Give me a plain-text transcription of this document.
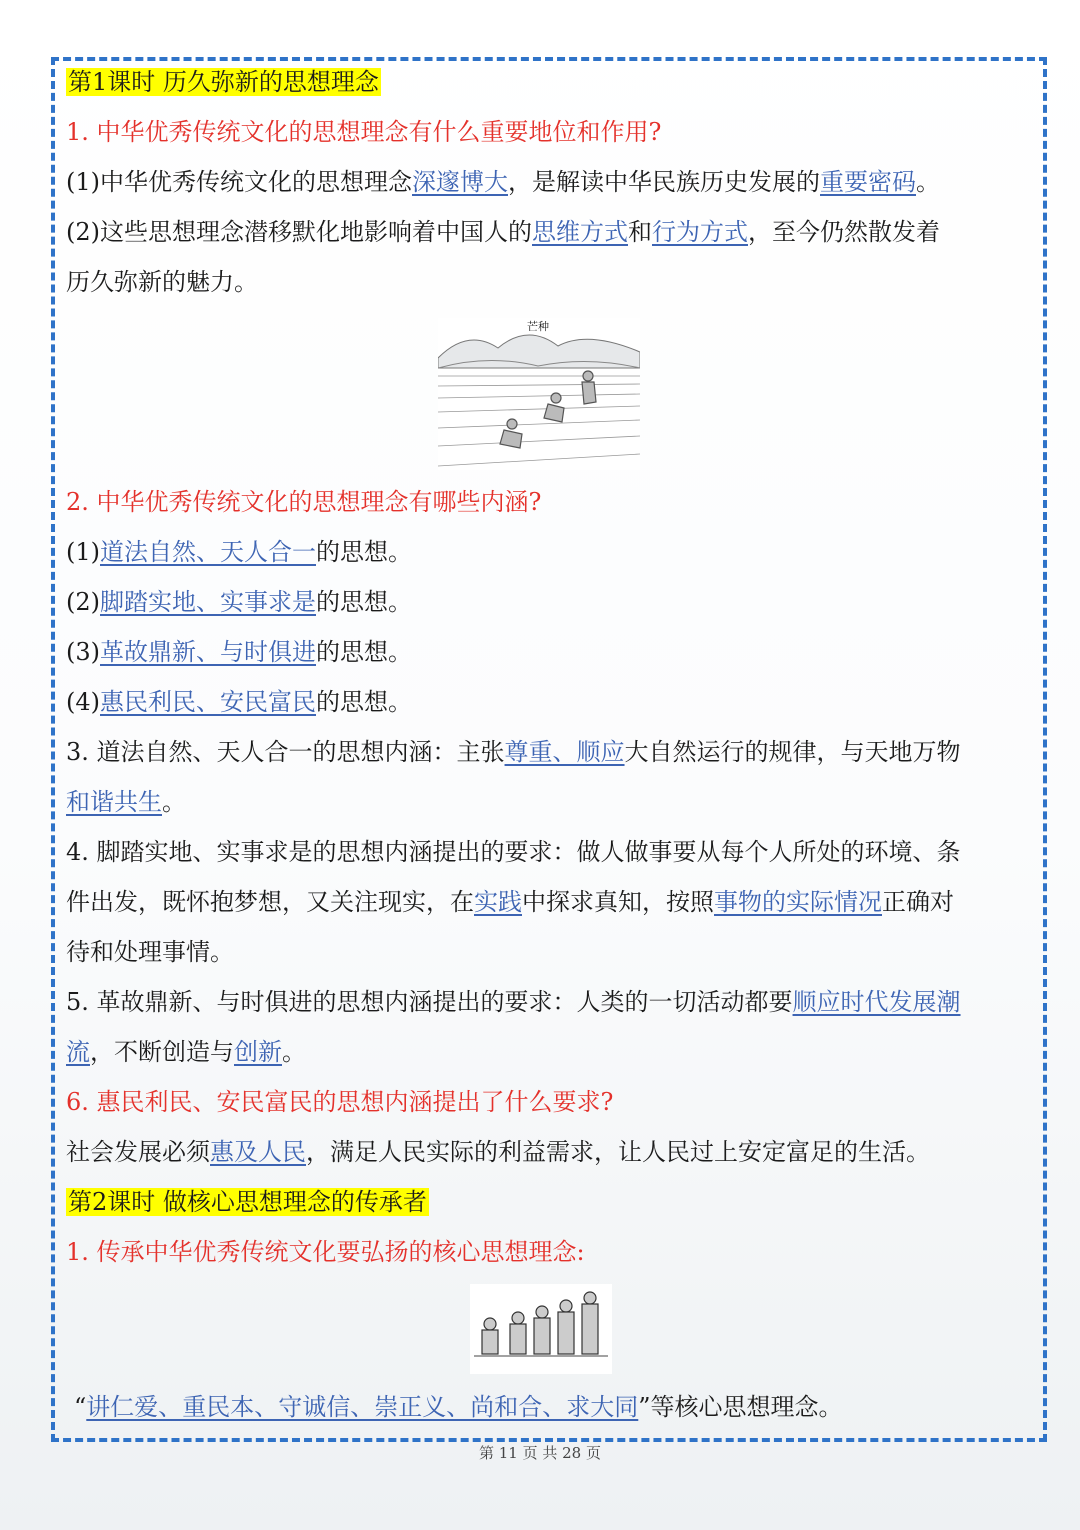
第1课时 历久弥新的思想理念
1. 中华优秀传统文化的思想理念有什么重要地位和作用?
(1)中华优秀传统文化的思想理念深邃博大，是解读中华民族历史发展的重要密码。
(2)这些思想理念潜移默化地影响着中国人的思维方式和行为方式，至今仍然散发着
历久弥新的魅力。
2. 中华优秀传统文化的思想理念有哪些内涵?
(1)道法自然、天人合一的思想。
(2)脚踏实地、实事求是的思想。
(3)革故鼎新、与时俱进的思想。
(4)惠民利民、安民富民的思想。
3. 道法自然、天人合一的思想内涵：主张尊重、顺应大自然运行的规律，与天地万物
和谐共生。
4. 脚踏实地、实事求是的思想内涵提出的要求：做人做事要从每个人所处的环境、条
件出发，既怀抱梦想，又关注现实，在实践中探求真知，按照事物的实际情况正确对
待和处理事情。
5. 革故鼎新、与时俱进的思想内涵提出的要求：人类的一切活动都要顺应时代发展潮
流，不断创造与创新。
6. 惠民利民、安民富民的思想内涵提出了什么要求?
社会发展必须惠及人民，满足人民实际的利益需求，让人民过上安定富足的生活。
第2课时 做核心思想理念的传承者
1. 传承中华优秀传统文化要弘扬的核心思想理念:
“讲仁爱、重民本、守诚信、崇正义、尚和合、求大同”等核心思想理念。
芒种
第 11 页 共 28 页
